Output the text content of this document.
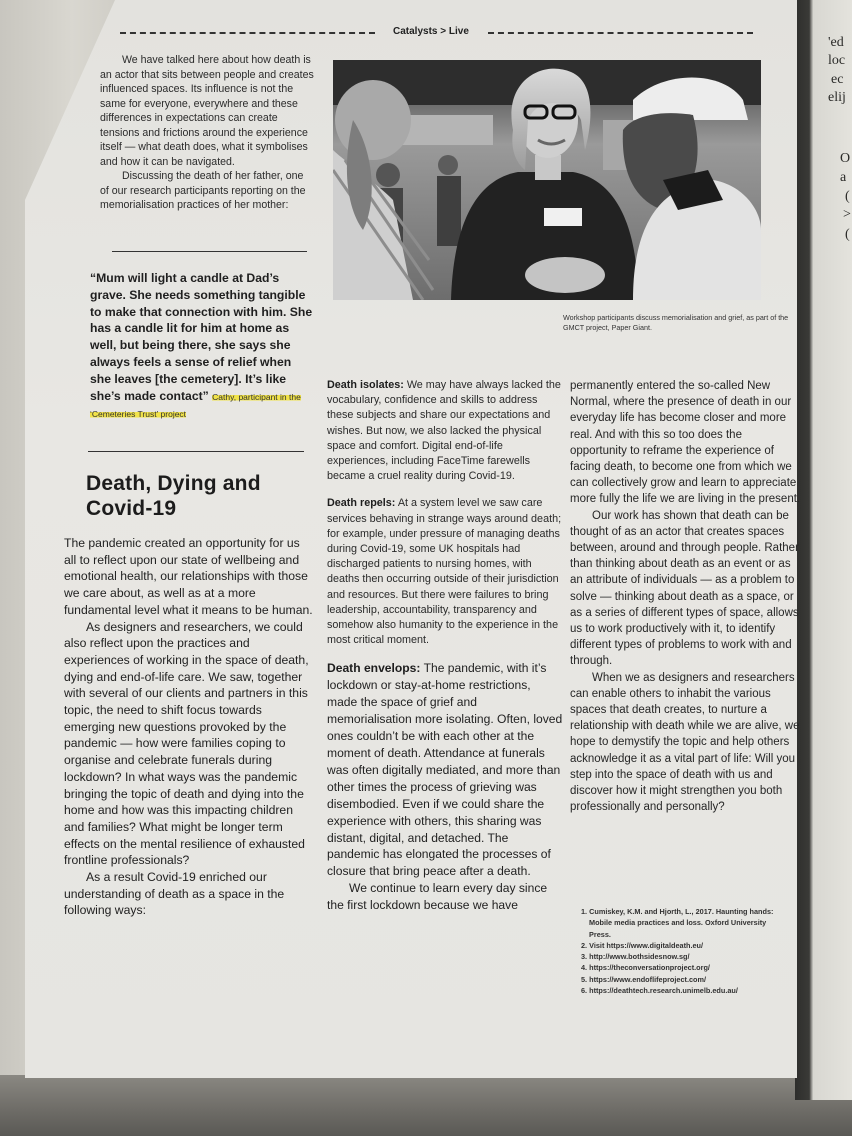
'ed
loc
ec
elij
O
a
(
>
(
Catalysts > Live

We have talked here about how death is an actor that sits between people and creates influenced spaces. Its influence is not the same for everyone, everywhere and these differences in expectations can create tensions and frictions around the experience itself — what death does, what it symbolises and how it can be navigated.

Discussing the death of her father, one of our research participants reporting on the memorialisation practices of her mother:

“Mum will light a candle at Dad’s grave. She needs something tangible to make that connection with him. She has a candle lit for him at home as well, but being there, she says she always feels a sense of relief when she leaves [the cemetery]. It’s like she’s made contact” Cathy, participant in the ‘Cemeteries Trust’ project
Death, Dying and Covid-19

The pandemic created an opportunity for us all to reflect upon our state of wellbeing and emotional health, our relationships with those we care about, as well as at a more fundamental level what it means to be human.

As designers and researchers, we could also reflect upon the practices and experiences of working in the space of death, dying and end-of-life care. We saw, together with several of our clients and partners in this topic, the need to shift focus towards emerging new questions provoked by the pandemic — how were families coping to organise and celebrate funerals during lockdown? In what ways was the pandemic bringing the topic of death and dying into the home and how was this impacting children and families? What might be longer term effects on the mental resilience of exhausted frontline professionals?

As a result Covid-19 enriched our understanding of death as a space in the following ways:

Workshop participants discuss memorialisation and grief, as part of the GMCT project, Paper Giant.

Death isolates: We may have always lacked the vocabulary, confidence and skills to address these subjects and share our expectations and wishes. But now, we also lacked the physical space and comfort. Digital end-of-life experiences, including FaceTime farewells became a cruel reality during Covid-19.

Death repels: At a system level we saw care services behaving in strange ways around death; for example, under pressure of managing deaths during Covid-19, some UK hospitals had discharged patients to nursing homes, with deaths then occurring outside of their jurisdiction and resources. But there were failures to bring leadership, accountability, transparency and somehow also humanity to the experience in the most critical moment.

Death envelops: The pandemic, with it’s lockdown or stay-at-home restrictions, made the space of grief and memorialisation more isolating. Often, loved ones couldn’t be with each other at the moment of death. Attendance at funerals was often digitally mediated, and more than other times the process of grieving was disembodied. Even if we could share the experience with others, this sharing was distant, digital, and detached. The pandemic has elongated the processes of closure that bring peace after a death.

We continue to learn every day since the first lockdown because we have

permanently entered the so-called New Normal, where the presence of death in our everyday life has become closer and more real. And with this so too does the opportunity to reframe the experience of facing death, to become one from which we can collectively grow and learn to appreciate more fully the life we are living in the present.

Our work has shown that death can be thought of as an actor that creates spaces between, around and through people. Rather than thinking about death as an event or as an attribute of individuals — as a problem to solve — thinking about death as a space, or as a series of different types of space, allows us to work productively with it, to identify different types of problems to work with and through.

When we as designers and researchers can enable others to inhabit the various spaces that death creates, to nurture a relationship with death while we are alive, we hope to demystify the topic and help others acknowledge it as a vital part of life: Will you step into the space of death with us and discover how it might strengthen you both professionally and personally?

1. Cumiskey, K.M. and Hjorth, L., 2017. Haunting hands:
Mobile media practices and loss. Oxford University
Press.
2. Visit https://www.digitaldeath.eu/
3. http://www.bothsidesnow.sg/
4. https://theconversationproject.org/
5. https://www.endoflifeproject.com/
6. https://deathtech.research.unimelb.edu.au/
